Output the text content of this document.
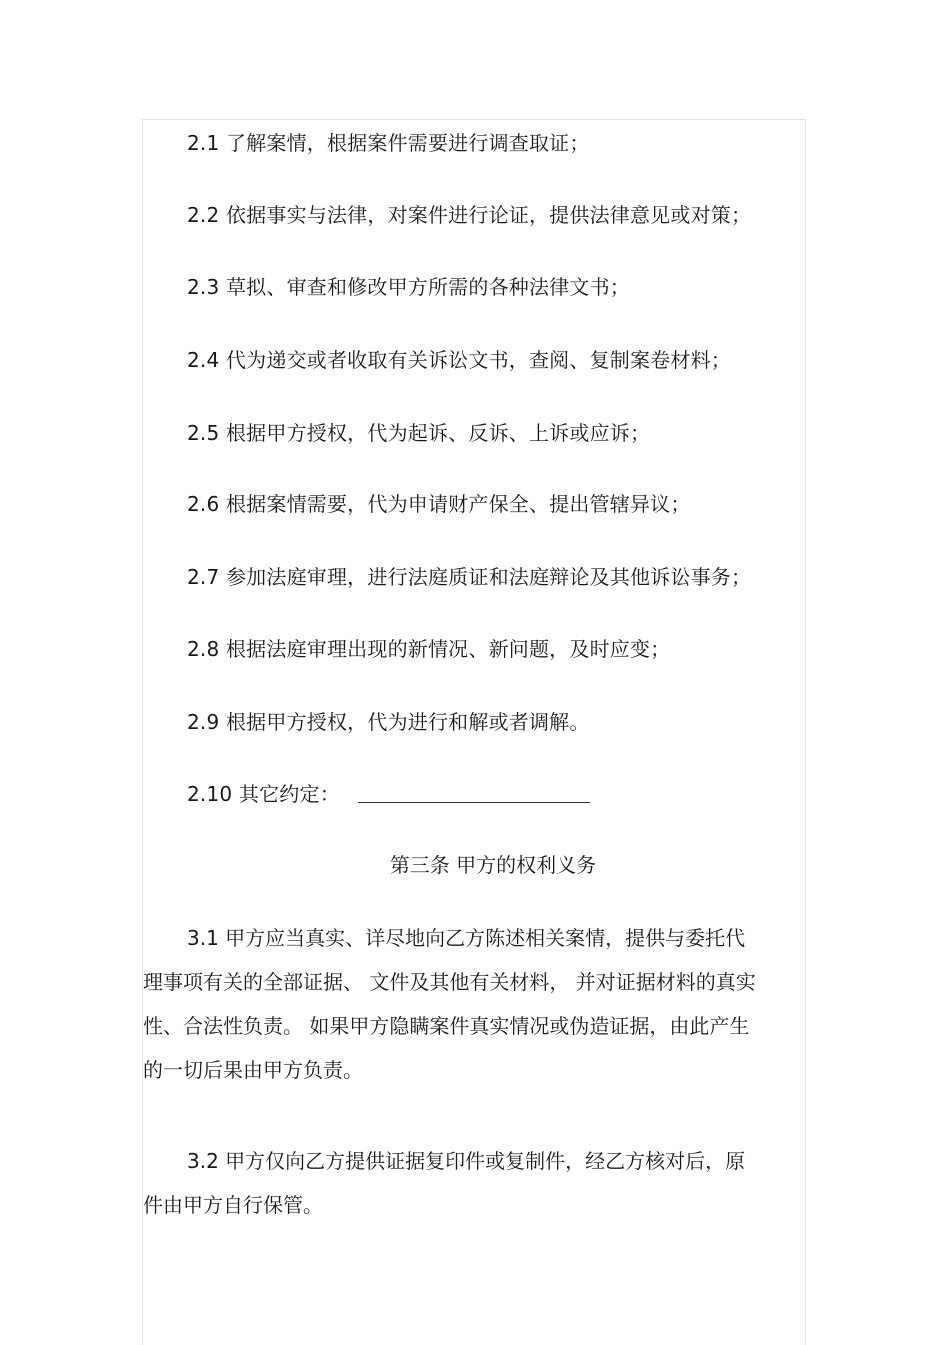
2.1 了解案情，根据案件需要进行调查取证；
2.2 依据事实与法律，对案件进行论证，提供法律意见或对策；
2.3 草拟、审查和修改甲方所需的各种法律文书；
2.4 代为递交或者收取有关诉讼文书，查阅、复制案卷材料；
2.5 根据甲方授权，代为起诉、反诉、上诉或应诉；
2.6 根据案情需要，代为申请财产保全、提出管辖异议；
2.7 参加法庭审理，进行法庭质证和法庭辩论及其他诉讼事务；
2.8 根据法庭审理出现的新情况、新问题，及时应变；
2.9 根据甲方授权，代为进行和解或者调解。
2.10 其它约定：
第三条 甲方的权利义务
3.1 甲方应当真实、详尽地向乙方陈述相关案情，提供与委托代
理事项有关的全部证据、 文件及其他有关材料， 并对证据材料的真实
性、合法性负责。 如果甲方隐瞒案件真实情况或伪造证据，由此产生
的一切后果由甲方负责。
3.2 甲方仅向乙方提供证据复印件或复制件，经乙方核对后，原
件由甲方自行保管。
